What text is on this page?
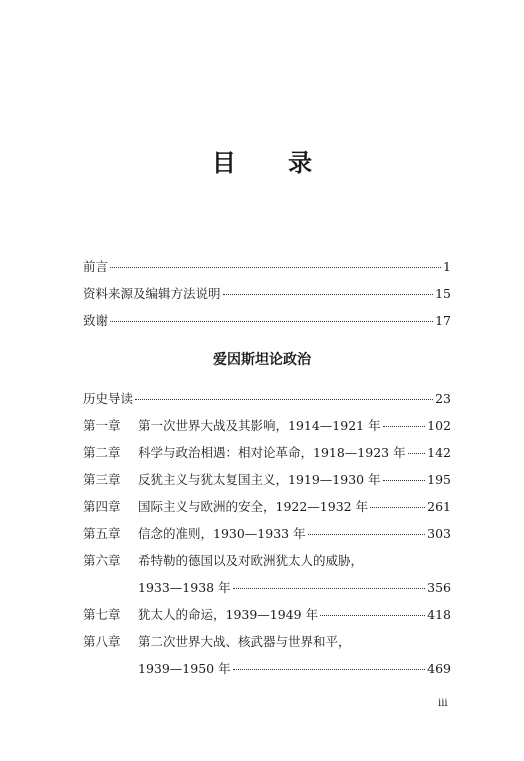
目 录
前言	1
资料来源及编辑方法说明	15
致谢	17
爱因斯坦论政治
历史导读	23
第一章	第一次世界大战及其影响，1914—1921 年	102
第二章	科学与政治相遇：相对论革命，1918—1923 年 142
第三章	反犹主义与犹太复国主义，1919—1930 年	195
第四章	国际主义与欧洲的安全，1922—1932 年	261
第五章	信念的准则，1930—1933 年	303
第六章	希特勒的德国以及对欧洲犹太人的威胁，
1933—1938 年	356
第七章	犹太人的命运，1939—1949 年	418
第八章	第二次世界大战、核武器与世界和平，
1939—1950 年	469
iii
